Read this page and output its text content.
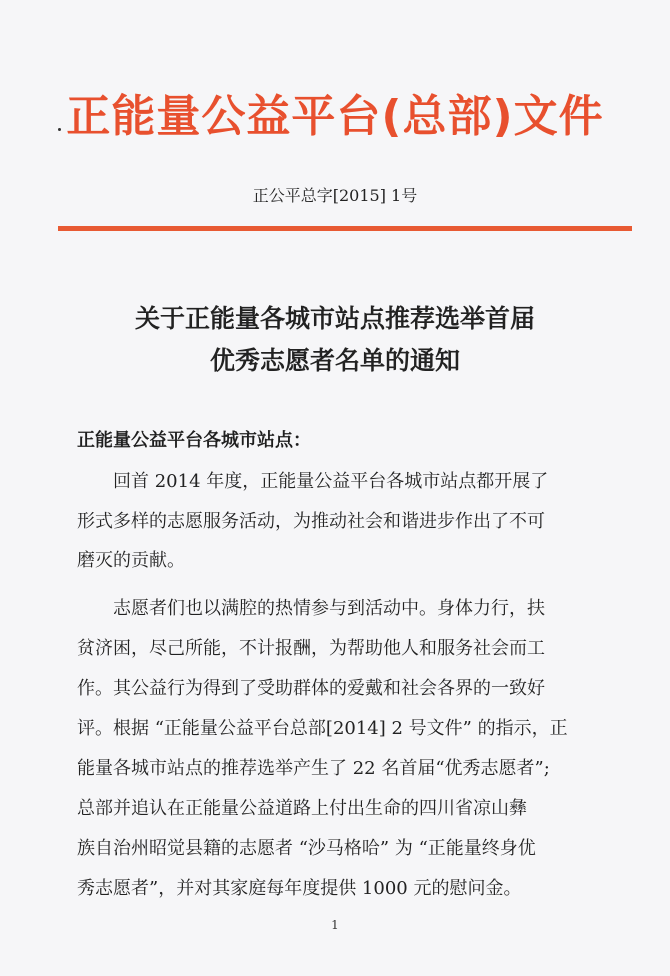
正能量公益平台(总部)文件
正公平总字[2015] 1号
关于正能量各城市站点推荐选举首届
优秀志愿者名单的通知
正能量公益平台各城市站点：
　　回首 2014 年度，正能量公益平台各城市站点都开展了
形式多样的志愿服务活动，为推动社会和谐进步作出了不可
磨灭的贡献。
　　志愿者们也以满腔的热情参与到活动中。身体力行，扶
贫济困，尽己所能，不计报酬，为帮助他人和服务社会而工
作。其公益行为得到了受助群体的爱戴和社会各界的一致好
评。根据 “正能量公益平台总部[2014] 2 号文件” 的指示，正
能量各城市站点的推荐选举产生了 22 名首届“优秀志愿者”;
总部并追认在正能量公益道路上付出生命的四川省凉山彝
族自治州昭觉县籍的志愿者 “沙马格哈” 为 “正能量终身优
秀志愿者”，并对其家庭每年度提供 1000 元的慰问金。
1
